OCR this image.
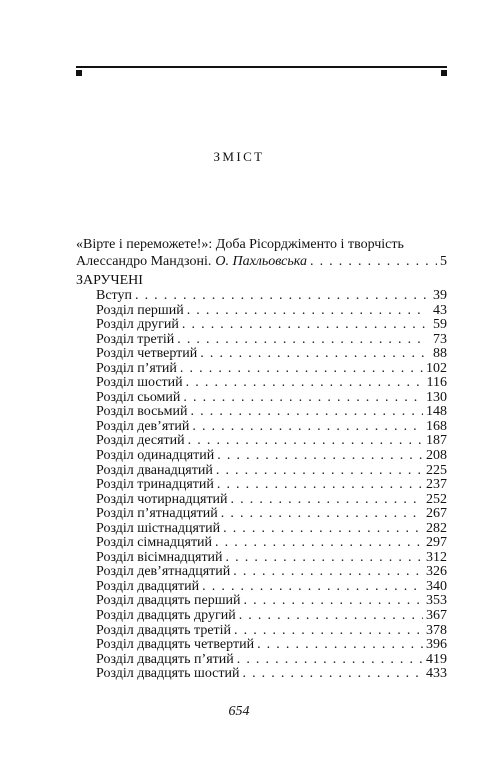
ЗМІСТ
«Вірте і переможете!»: Доба Рісорджіменто і творчість
Алессандро Мандзоні. О. Пахльовська . . .	5
ЗАРУЧЕНІ
Вступ . . .	39
Розділ перший . . .	43
Розділ другий . . .	59
Розділ третій . . .	73
Розділ четвертий . . .	88
Розділ п’ятий . . .	102
Розділ шостий . . .	116
Розділ сьомий . . .	130
Розділ восьмий . . .	148
Розділ дев’ятий . . .	168
Розділ десятий . . .	187
Розділ одинадцятий . . .	208
Розділ дванадцятий . . .	225
Розділ тринадцятий . . .	237
Розділ чотирнадцятий . . .	252
Розділ п’ятнадцятий . . .	267
Розділ шістнадцятий . . .	282
Розділ сімнадцятий . . .	297
Розділ вісімнадцятий . . .	312
Розділ дев’ятнадцятий . . .	326
Розділ двадцятий . . .	340
Розділ двадцять перший . . .	353
Розділ двадцять другий . . .	367
Розділ двадцять третій . . .	378
Розділ двадцять четвертий . . .	396
Розділ двадцять п’ятий . . .	419
Розділ двадцять шостий . . .	433
654
